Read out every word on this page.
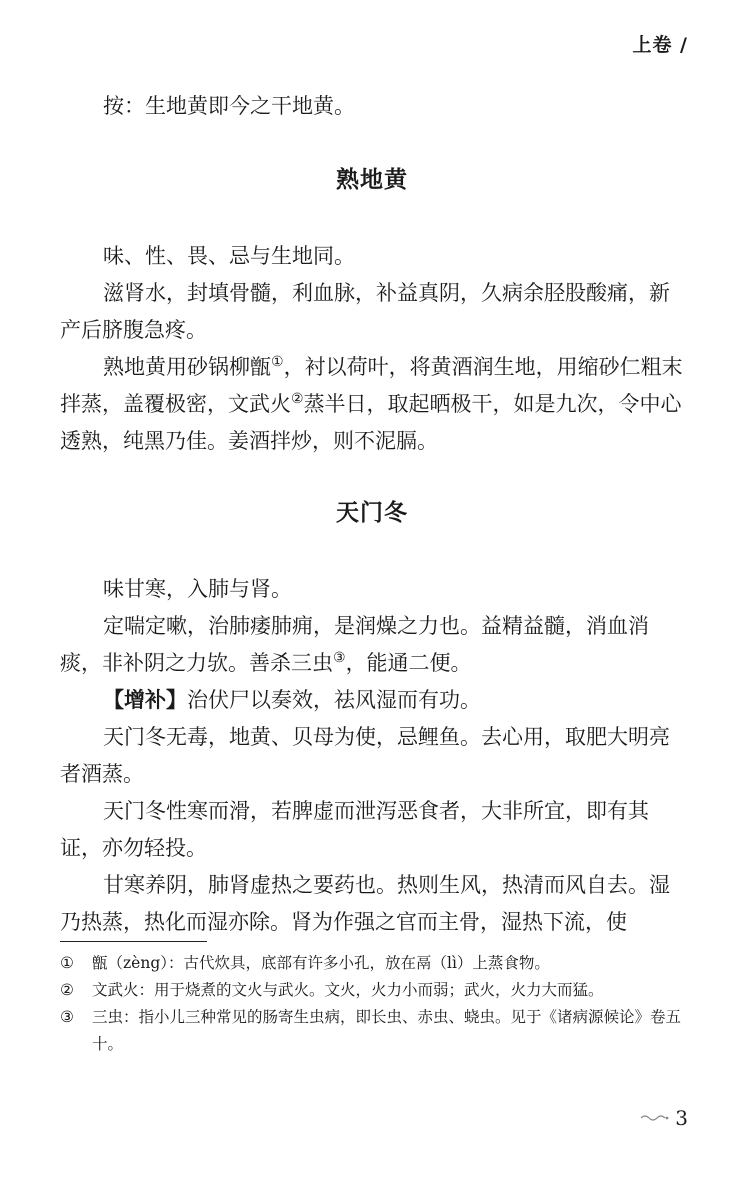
上卷 /

按：生地黄即今之干地黄。

熟地黄

味、性、畏、忌与生地同。

滋肾水，封填骨髓，利血脉，补益真阴，久病余胫股酸痛，新产后脐腹急疼。

熟地黄用砂锅柳甑①，衬以荷叶，将黄酒润生地，用缩砂仁粗末拌蒸，盖覆极密，文武火②蒸半日，取起晒极干，如是九次，令中心透熟，纯黑乃佳。姜酒拌炒，则不泥膈。

天门冬

味甘寒，入肺与肾。

定喘定嗽，治肺痿肺痈，是润燥之力也。益精益髓，消血消痰，非补阴之力欤。善杀三虫③，能通二便。

【增补】治伏尸以奏效，祛风湿而有功。

天门冬无毒，地黄、贝母为使，忌鲤鱼。去心用，取肥大明亮者酒蒸。

天门冬性寒而滑，若脾虚而泄泻恶食者，大非所宜，即有其证，亦勿轻投。

甘寒养阴，肺肾虚热之要药也。热则生风，热清而风自去。湿乃热蒸，热化而湿亦除。肾为作强之官而主骨，湿热下流，使

①	甑（zèng）：古代炊具，底部有许多小孔，放在鬲（lì）上蒸食物。
②	文武火：用于烧煮的文火与武火。文火，火力小而弱；武火，火力大而猛。
③	三虫：指小儿三种常见的肠寄生虫病，即长虫、赤虫、蛲虫。见于《诸病源候论》卷五十。
3
